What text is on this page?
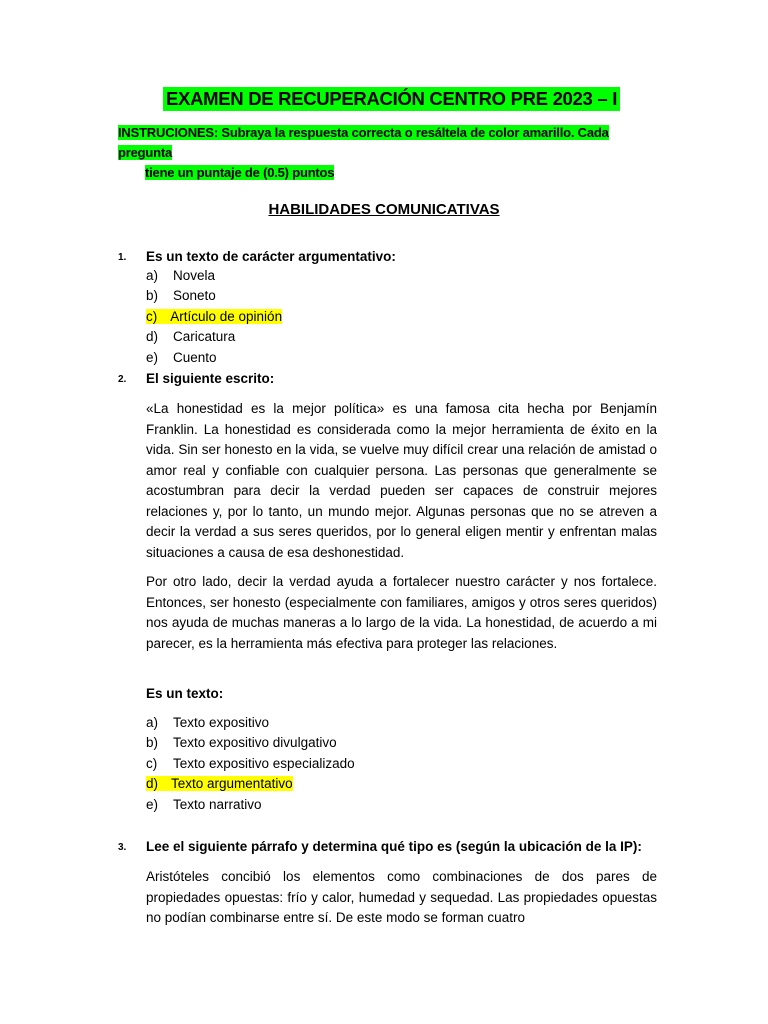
EXAMEN DE RECUPERACIÓN CENTRO PRE 2023 – I
INSTRUCIONES: Subraya la respuesta correcta o resáltela de color amarillo. Cada pregunta
tiene un puntaje de (0.5) puntos
HABILIDADES COMUNICATIVAS
1. Es un texto de carácter argumentativo:
a) Novela
b) Soneto
c) Artículo de opinión
d) Caricatura
e) Cuento
2. El siguiente escrito:
«La honestidad es la mejor política» es una famosa cita hecha por Benjamín Franklin. La honestidad es considerada como la mejor herramienta de éxito en la vida. Sin ser honesto en la vida, se vuelve muy difícil crear una relación de amistad o amor real y confiable con cualquier persona. Las personas que generalmente se acostumbran para decir la verdad pueden ser capaces de construir mejores relaciones y, por lo tanto, un mundo mejor. Algunas personas que no se atreven a decir la verdad a sus seres queridos, por lo general eligen mentir y enfrentan malas situaciones a causa de esa deshonestidad.
Por otro lado, decir la verdad ayuda a fortalecer nuestro carácter y nos fortalece. Entonces, ser honesto (especialmente con familiares, amigos y otros seres queridos) nos ayuda de muchas maneras a lo largo de la vida. La honestidad, de acuerdo a mi parecer, es la herramienta más efectiva para proteger las relaciones.
Es un texto:
a) Texto expositivo
b) Texto expositivo divulgativo
c) Texto expositivo especializado
d) Texto argumentativo
e) Texto narrativo
3. Lee el siguiente párrafo y determina qué tipo es (según la ubicación de la IP):
Aristóteles concibió los elementos como combinaciones de dos pares de propiedades opuestas: frío y calor, humedad y sequedad. Las propiedades opuestas no podían combinarse entre sí. De este modo se forman cuatro
